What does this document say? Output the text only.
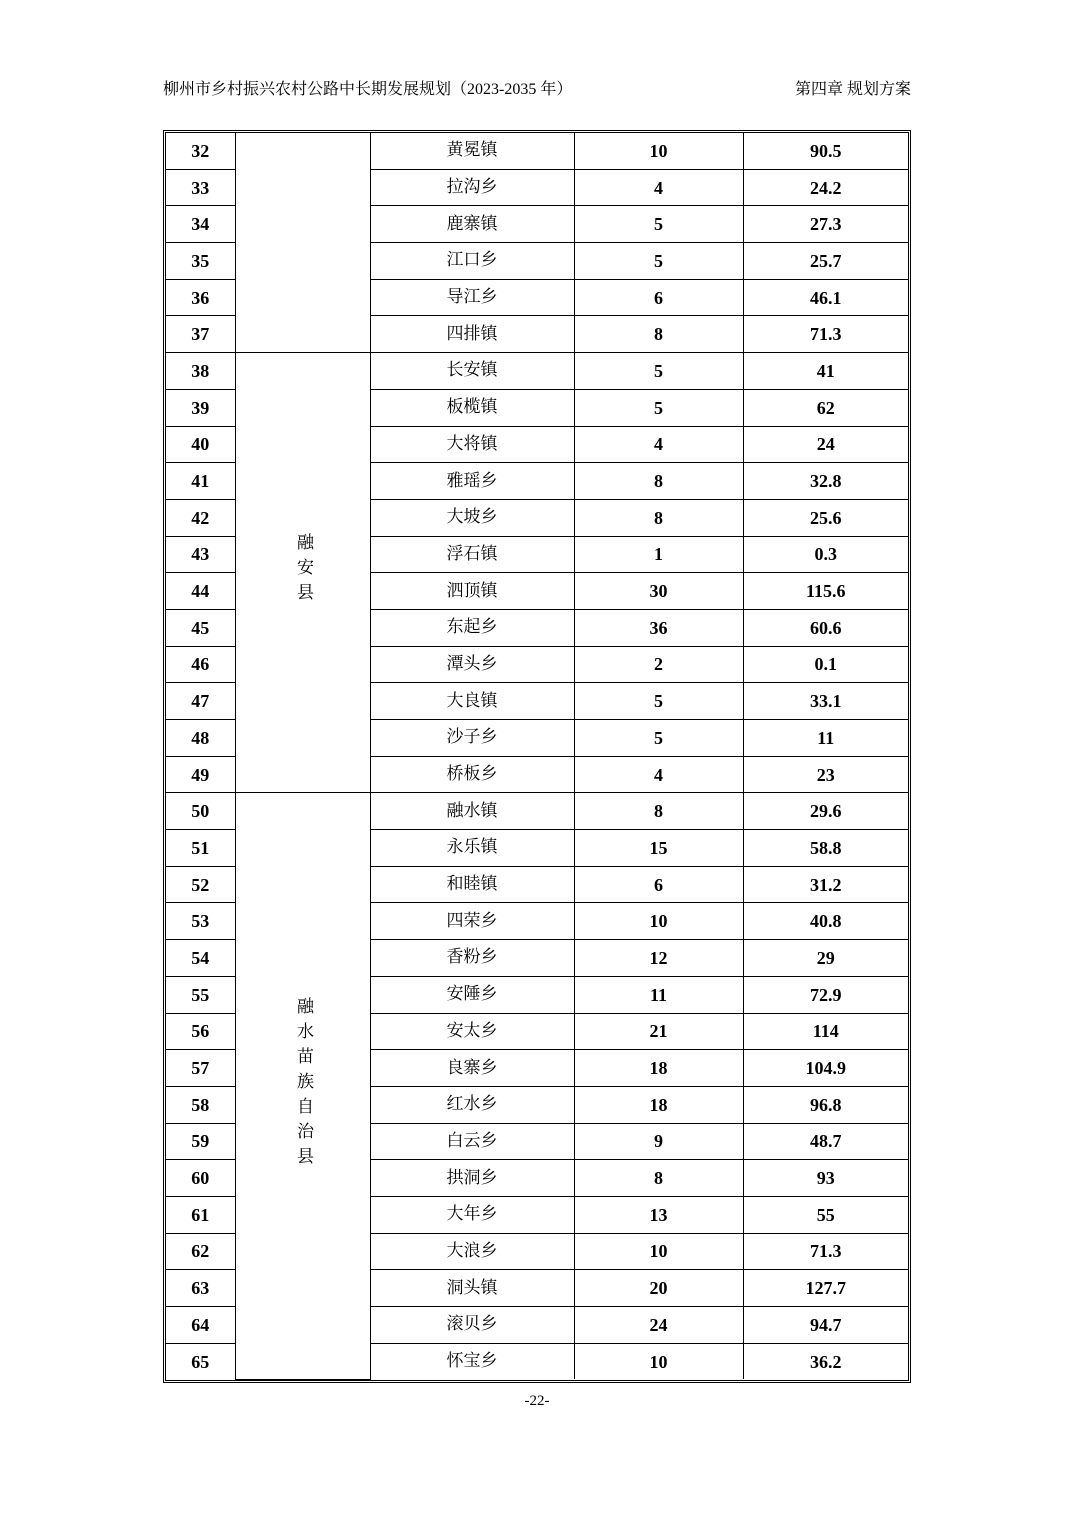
柳州市乡村振兴农村公路中长期发展规划（2023-2035 年）	第四章 规划方案
32		黄冕镇	10	90.5
33		拉沟乡	4	24.2
34		鹿寨镇	5	27.3
35		江口乡	5	25.7
36		导江乡	6	46.1
37		四排镇	8	71.3
38	融安县	长安镇	5	41
39		板榄镇	5	62
40		大将镇	4	24
41		雅瑶乡	8	32.8
42		大坡乡	8	25.6
43		浮石镇	1	0.3
44		泗顶镇	30	115.6
45		东起乡	36	60.6
46		潭头乡	2	0.1
47		大良镇	5	33.1
48		沙子乡	5	11
49		桥板乡	4	23
50	融水苗族自治县	融水镇	8	29.6
51		永乐镇	15	58.8
52		和睦镇	6	31.2
53		四荣乡	10	40.8
54		香粉乡	12	29
55		安陲乡	11	72.9
56		安太乡	21	114
57		良寨乡	18	104.9
58		红水乡	18	96.8
59		白云乡	9	48.7
60		拱洞乡	8	93
61		大年乡	13	55
62		大浪乡	10	71.3
63		洞头镇	20	127.7
64		滚贝乡	24	94.7
65		怀宝乡	10	36.2
-22-
